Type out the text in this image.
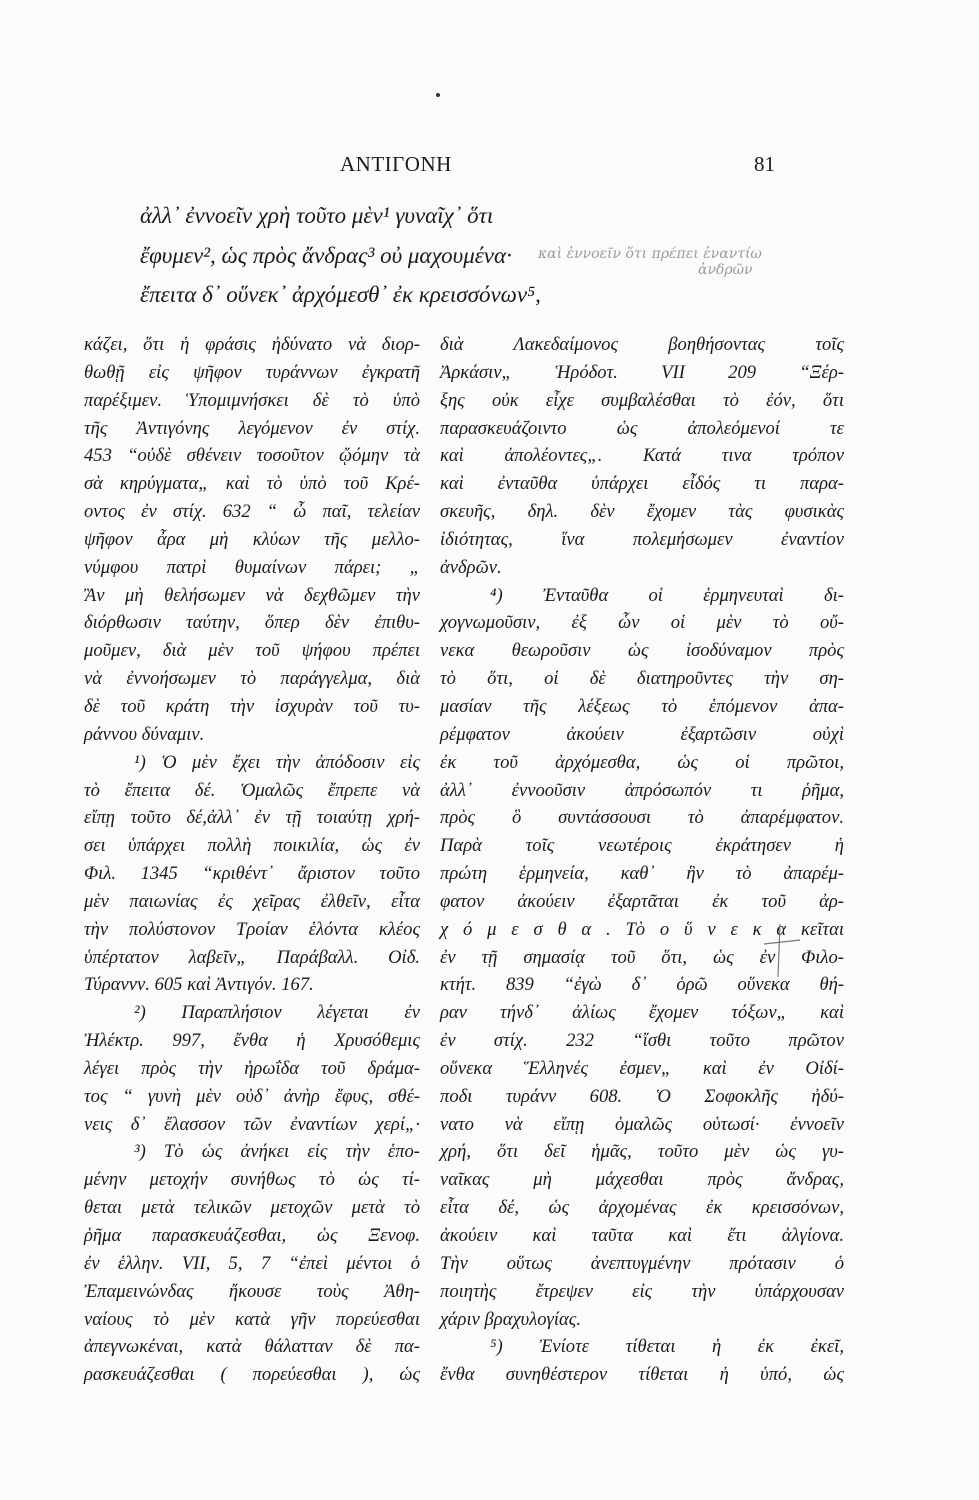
ΑΝΤΙΓΟΝΗ	81
ἀλλ᾽ ἐννοεῖν χρὴ τοῦτο μὲν¹ γυναῖχ᾽ ὅτι
ἔφυμεν², ὡς πρὸς ἄνδρας³ οὐ μαχουμένα·
ἔπειτα δ᾽ οὕνεκ᾽ ἀρχόμεσθ᾽ ἐκ κρεισσόνων⁵,
καὶ ἐννοεῖν ὅτι πρέπει ἐναντίω
ἀνδρῶν
κάζει, ὅτι ἡ φράσις ἠδύνατο νὰ διορ-
θωθῇ εἰς ψῆφον τυράννων ἐγκρατῆ
παρέξιμεν. Ὑπομιμνήσκει δὲ τὸ ὑπὸ
τῆς Ἀντιγόνης λεγόμενον ἐν στίχ.
453 “οὐδὲ σθένειν τοσοῦτον ᾤόμην τὰ
σὰ κηρύγματα„ καὶ τὸ ὑπὸ τοῦ Κρέ-
οντος ἐν στίχ. 632 “ ὦ παῖ, τελείαν
ψῆφον ἆρα μὴ κλύων τῆς μελλο-
νύμφου πατρὶ θυμαίνων πάρει; „
Ἂν μὴ θελήσωμεν νὰ δεχθῶμεν τὴν
διόρθωσιν ταύτην, ὅπερ δὲν ἐπιθυ-
μοῦμεν, διὰ μὲν τοῦ ψήφου πρέπει
νὰ ἐννοήσωμεν τὸ παράγγελμα, διὰ
δὲ τοῦ κράτη τὴν ἰσχυρὰν τοῦ τυ-
ράννου δύναμιν.
¹) Ὁ μὲν ἔχει τὴν ἀπόδοσιν εἰς
τὸ ἔπειτα δέ. Ὁμαλῶς ἔπρεπε νὰ
εἴπῃ τοῦτο δέ,ἀλλ᾽ ἐν τῇ τοιαύτῃ χρή-
σει ὑπάρχει πολλὴ ποικιλία, ὡς ἐν
Φιλ. 1345 “κριθέντ᾽ ἄριστον τοῦτο
μὲν παιωνίας ἐς χεῖρας ἐλθεῖν, εἶτα
τὴν πολύστονον Τροίαν ἑλόντα κλέος
ὑπέρτατον λαβεῖν„ Παράβαλλ. Οἰδ.
Τύραννν. 605 καὶ Ἀντιγόν. 167.
²) Παραπλήσιον λέγεται ἐν
Ἠλέκτρ. 997, ἔνθα ἡ Χρυσόθεμις
λέγει πρὸς τὴν ἡρωΐδα τοῦ δράμα-
τος “ γυνὴ μὲν οὐδ᾽ ἀνὴρ ἔφυς, σθέ-
νεις δ᾽ ἔλασσον τῶν ἐναντίων χερί„·
³) Τὸ ὡς ἀνήκει εἰς τὴν ἑπο-
μένην μετοχήν συνήθως τὸ ὡς τί-
θεται μετὰ τελικῶν μετοχῶν μετὰ τὸ
ῥῆμα παρασκευάζεσθαι, ὡς Ξενοφ.
ἐν ἑλλην. VII, 5, 7 “ἐπεὶ μέντοι ὁ
Ἐπαμεινώνδας ἤκουσε τοὺς Ἀθη-
ναίους τὸ μὲν κατὰ γῆν πορεύεσθαι
ἀπεγνωκέναι, κατὰ θάλατταν δὲ πα-
ρασκευάζεσθαι ( πορεύεσθαι ), ὡς
διὰ Λακεδαίμονος βοηθήσοντας τοῖς
Ἀρκάσιν„ Ἡρόδοτ. VII 209 “Ξέρ-
ξης οὐκ εἶχε συμβαλέσθαι τὸ ἐόν, ὅτι
παρασκευάζοιντο ὡς ἀπολεόμενοί τε
καὶ ἀπολέοντες„. Κατά τινα τρόπον
καὶ ἐνταῦθα ὑπάρχει εἶδός τι παρα-
σκευῆς, δηλ. δὲν ἔχομεν τὰς φυσικὰς
ἰδιότητας, ἵνα πολεμήσωμεν ἐναντίον
ἀνδρῶν.
⁴) Ἐνταῦθα οἱ ἑρμηνευταὶ δι-
χογνωμοῦσιν, ἐξ ὧν οἱ μὲν τὸ οὔ-
νεκα θεωροῦσιν ὡς ἰσοδύναμον πρὸς
τὸ ὅτι, οἱ δὲ διατηροῦντες τὴν ση-
μασίαν τῆς λέξεως τὸ ἑπόμενον ἀπα-
ρέμφατον ἀκούειν ἐξαρτῶσιν οὐχὶ
ἐκ τοῦ ἀρχόμεσθα, ὡς οἱ πρῶτοι,
ἀλλ᾽ ἐννοοῦσιν ἀπρόσωπόν τι ῥῆμα,
πρὸς ὃ συντάσσουσι τὸ ἀπαρέμφατον.
Παρὰ τοῖς νεωτέροις ἐκράτησεν ἡ
πρώτη ἑρμηνεία, καθ᾽ ἣν τὸ ἀπαρέμ-
φατον ἀκούειν ἐξαρτᾶται ἐκ τοῦ ἀρ-
χ ό μ ε σ θ α . Τὸ ο ὕ ν ε κ α κεῖται
ἐν τῇ σημασίᾳ τοῦ ὅτι, ὡς ἐν Φιλο-
κτήτ. 839 “ἐγὼ δ᾽ ὁρῶ οὕνεκα θή-
ραν τήνδ᾽ ἀλίως ἔχομεν τόξων„ καὶ
ἐν στίχ. 232 “ἴσθι τοῦτο πρῶτον
οὕνεκα Ἕλληνές ἐσμεν„ καὶ ἐν Οἰδί-
ποδι τυράνν 608. Ὁ Σοφοκλῆς ἠδύ-
νατο νὰ εἴπῃ ὁμαλῶς οὑτωσί· ἐννοεῖν
χρή, ὅτι δεῖ ἡμᾶς, τοῦτο μὲν ὡς γυ-
ναῖκας μὴ μάχεσθαι πρὸς ἄνδρας,
εἶτα δέ, ὡς ἀρχομένας ἐκ κρεισσόνων,
ἀκούειν καὶ ταῦτα καὶ ἔτι ἀλγίονα.
Τὴν οὕτως ἀνεπτυγμένην πρότασιν ὁ
ποιητὴς ἔτρεψεν εἰς τὴν ὑπάρχουσαν
χάριν βραχυλογίας.
⁵) Ἐνίοτε τίθεται ἡ ἐκ ἐκεῖ,
ἔνθα συνηθέστερον τίθεται ἡ ὑπό, ὡς
